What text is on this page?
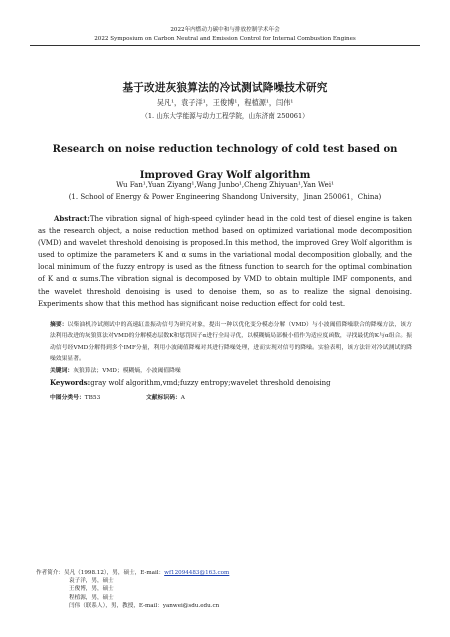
2022年内燃动力碳中和与排放控制学术年会
2022 Symposium on Carbon Neutral and Emission Control for Internal Combustion Engines
基于改进灰狼算法的冷试测试降噪技术研究
吴凡¹，袁子洋¹，王俊博¹，程植源¹，闫伟¹
（1. 山东大学能源与动力工程学院，山东济南 250061）
Research on noise reduction technology of cold test based on Improved Gray Wolf algorithm
Wu Fan¹,Yuan Ziyang¹,Wang Junbo¹,Cheng Zhiyuan¹,Yan Wei¹
(1. School of Energy & Power Engineering Shandong University，Jinan 250061，China)
Abstract:The vibration signal of high-speed cylinder head in the cold test of diesel engine is taken as the research object, a noise reduction method based on optimized variational mode decomposition (VMD) and wavelet threshold denoising is proposed.In this method, the improved Grey Wolf algorithm is used to optimize the parameters K and α sums in the variational modal decomposition globally, and the local minimum of the fuzzy entropy is used as the fitness function to search for the optimal combination of K and α sums.The vibration signal is decomposed by VMD to obtain multiple IMF components, and the wavelet threshold denoising is used to denoise them, so as to realize the signal denoising. Experiments show that this method has significant noise reduction effect for cold test.
摘要：以柴油机冷试测试中的高速缸盖振动信号为研究对象，提出一种以优化变分模态分解（VMD）与小波阈值降噪联合的降噪方法，该方法利用改进的灰狼算法对VMD的分解模态层数K和惩罚因子α进行全局寻优，以模糊熵局部极小值作为适应度函数，寻找最优的K与α组合。振动信号经VMD分解得到多个IMF分量，利用小波阈值降噪对其进行降噪处理，进而实现对信号的降噪。实验表明，该方法针对冷试测试的降噪效果显著。
关键词：灰狼算法；VMD；模糊熵，小波阈值降噪
Keywords:gray wolf algorithm,vmd;fuzzy entropy;wavelet threshold denoising
中图分类号：TB53	文献标识码：A
作者简介：吴凡（1998.12），男，硕士，E-mail：wf12094483@163.com
袁子洋，男，硕士
王俊博，男，硕士
程植源，男，硕士
闫伟（联系人），男，教授，E-mail：yanwei@sdu.edu.cn
